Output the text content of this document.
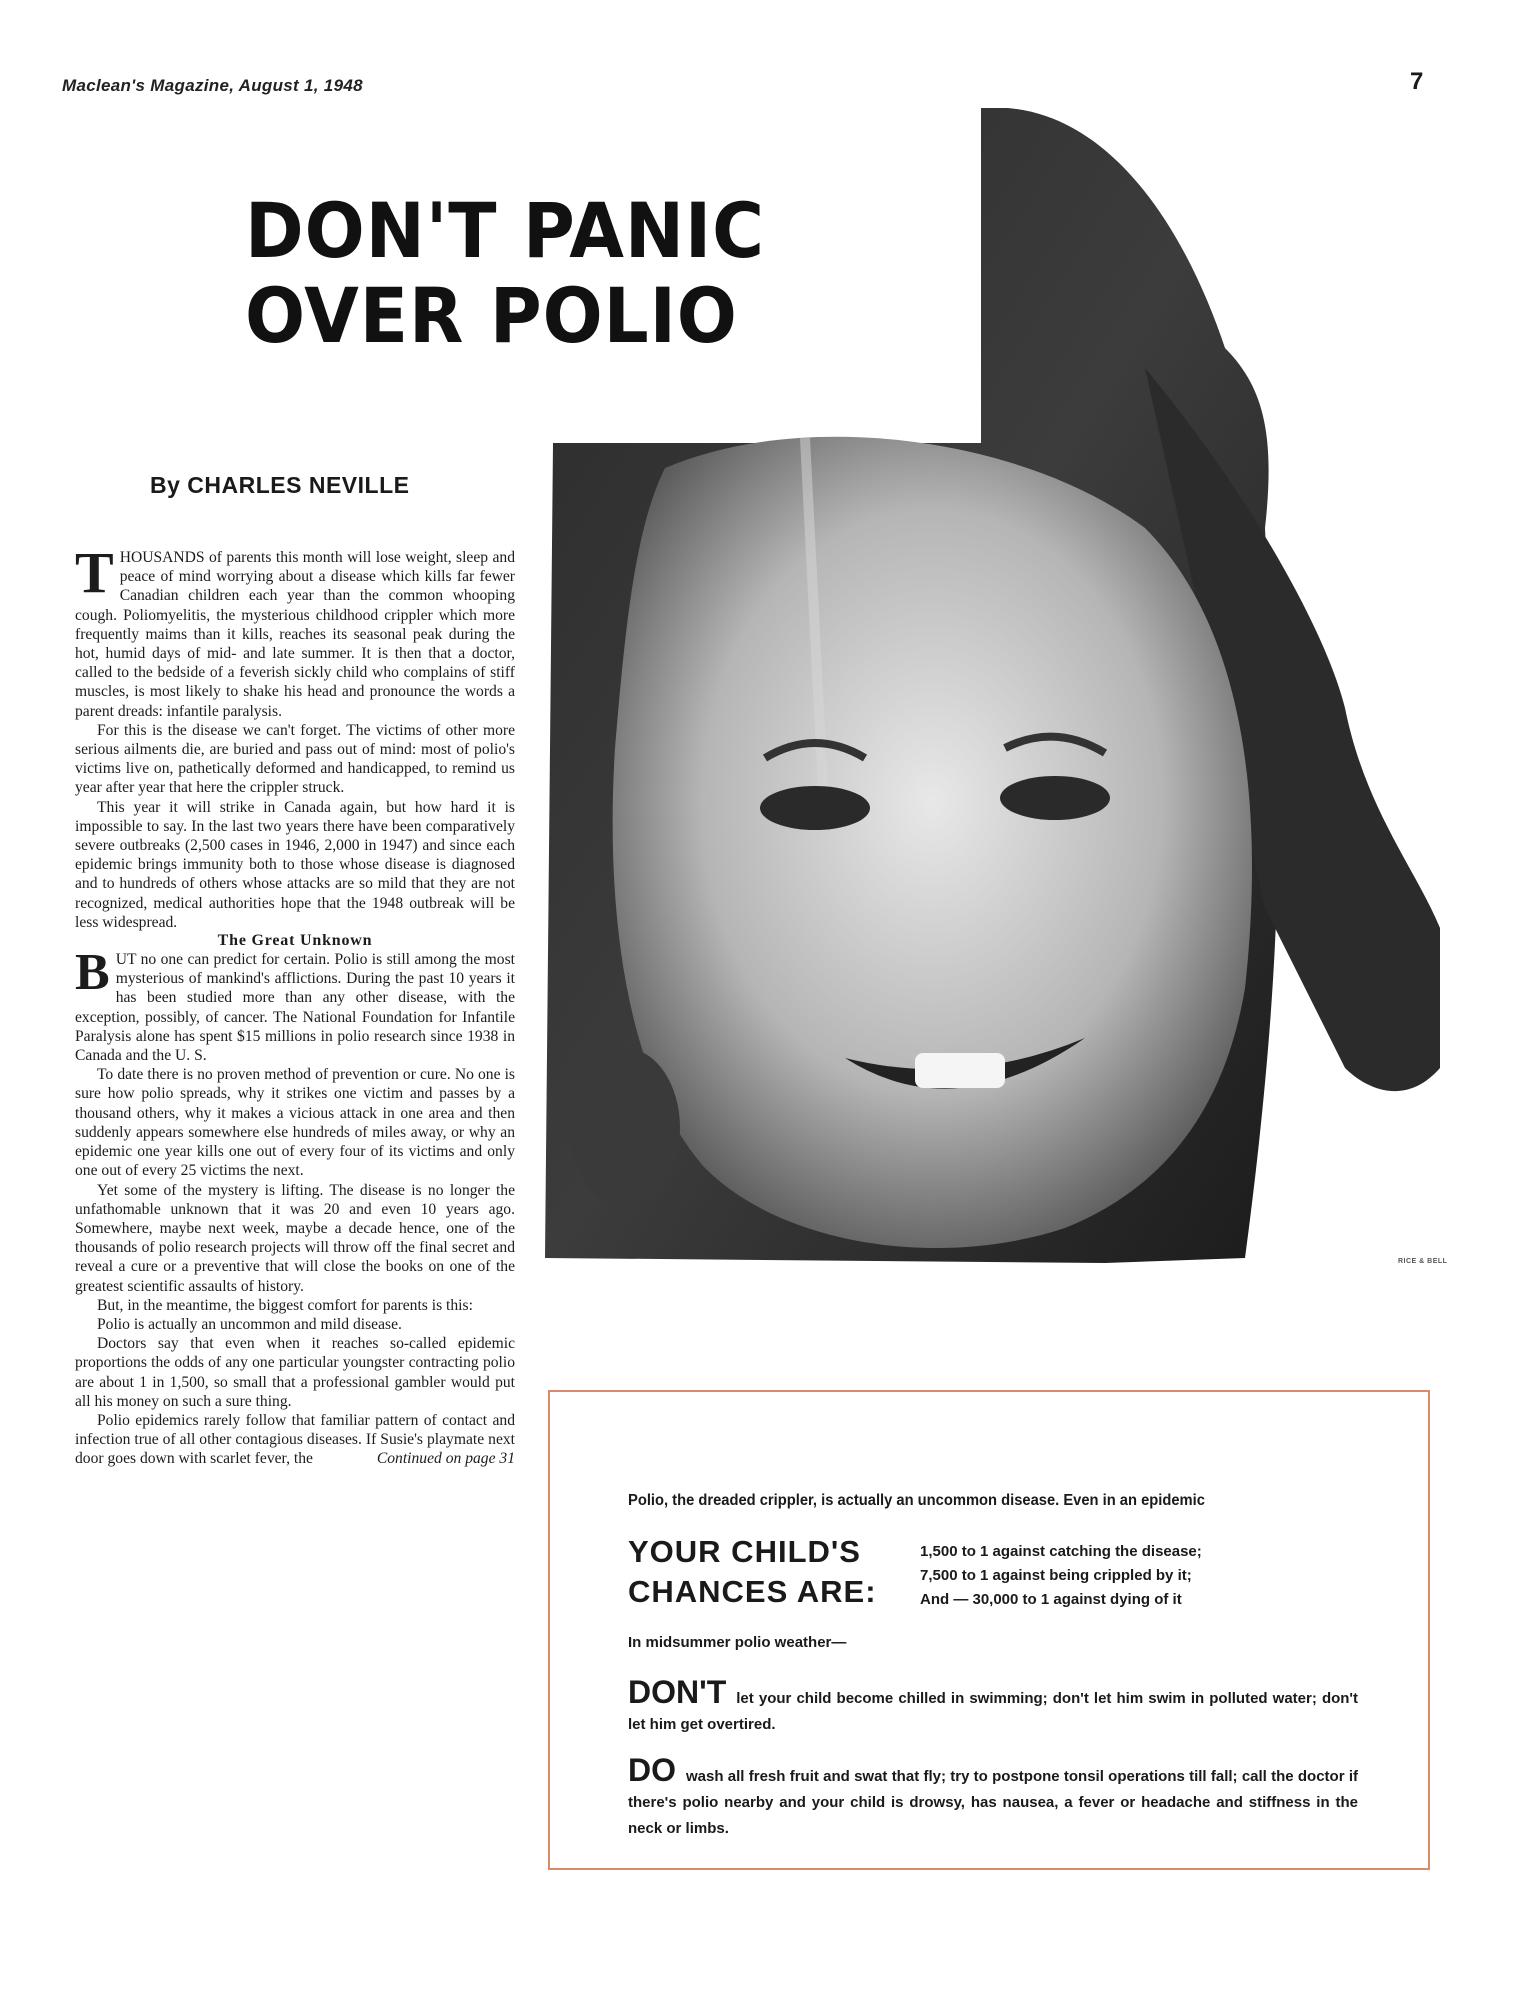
Maclean's Magazine, August 1, 1948	7
DON'T PANIC
OVER POLIO
By CHARLES NEVILLE
RICE & BELL

THOUSANDS of parents this month will lose weight, sleep and peace of mind worrying about a disease which kills far fewer Canadian children each year than the common whooping cough. Poliomyelitis, the mysterious childhood crippler which more frequently maims than it kills, reaches its seasonal peak during the hot, humid days of mid- and late summer. It is then that a doctor, called to the bedside of a feverish sickly child who complains of stiff muscles, is most likely to shake his head and pronounce the words a parent dreads: infantile paralysis.

For this is the disease we can't forget. The victims of other more serious ailments die, are buried and pass out of mind: most of polio's victims live on, pathetically deformed and handicapped, to remind us year after year that here the crippler struck.

This year it will strike in Canada again, but how hard it is impossible to say. In the last two years there have been comparatively severe outbreaks (2,500 cases in 1946, 2,000 in 1947) and since each epidemic brings immunity both to those whose disease is diagnosed and to hundreds of others whose attacks are so mild that they are not recognized, medical authorities hope that the 1948 outbreak will be less widespread.

The Great Unknown

BUT no one can predict for certain. Polio is still among the most mysterious of mankind's afflictions. During the past 10 years it has been studied more than any other disease, with the exception, possibly, of cancer. The National Foundation for Infantile Paralysis alone has spent $15 millions in polio research since 1938 in Canada and the U. S.

To date there is no proven method of prevention or cure. No one is sure how polio spreads, why it strikes one victim and passes by a thousand others, why it makes a vicious attack in one area and then suddenly appears somewhere else hundreds of miles away, or why an epidemic one year kills one out of every four of its victims and only one out of every 25 victims the next.

Yet some of the mystery is lifting. The disease is no longer the unfathomable unknown that it was 20 and even 10 years ago. Somewhere, maybe next week, maybe a decade hence, one of the thousands of polio research projects will throw off the final secret and reveal a cure or a preventive that will close the books on one of the greatest scientific assaults of history.

But, in the meantime, the biggest comfort for parents is this:

Polio is actually an uncommon and mild disease.

Doctors say that even when it reaches so-called epidemic proportions the odds of any one particular youngster contracting polio are about 1 in 1,500, so small that a professional gambler would put all his money on such a sure thing.

Polio epidemics rarely follow that familiar pattern of contact and infection true of all other contagious diseases. If Susie's playmate next door goes down with scarlet fever, the	Continued on page 31

Polio, the dreaded crippler, is actually an uncommon disease. Even in an epidemic
YOUR CHILD'S
CHANCES ARE:
1,500 to 1 against catching the disease;
7,500 to 1 against being crippled by it;
And — 30,000 to 1 against dying of it
In midsummer polio weather—
DON'T let your child become chilled in swimming; don't let him swim in polluted water; don't let him get overtired.
DO wash all fresh fruit and swat that fly; try to postpone tonsil operations till fall; call the doctor if there's polio nearby and your child is drowsy, has nausea, a fever or headache and stiffness in the neck or limbs.
